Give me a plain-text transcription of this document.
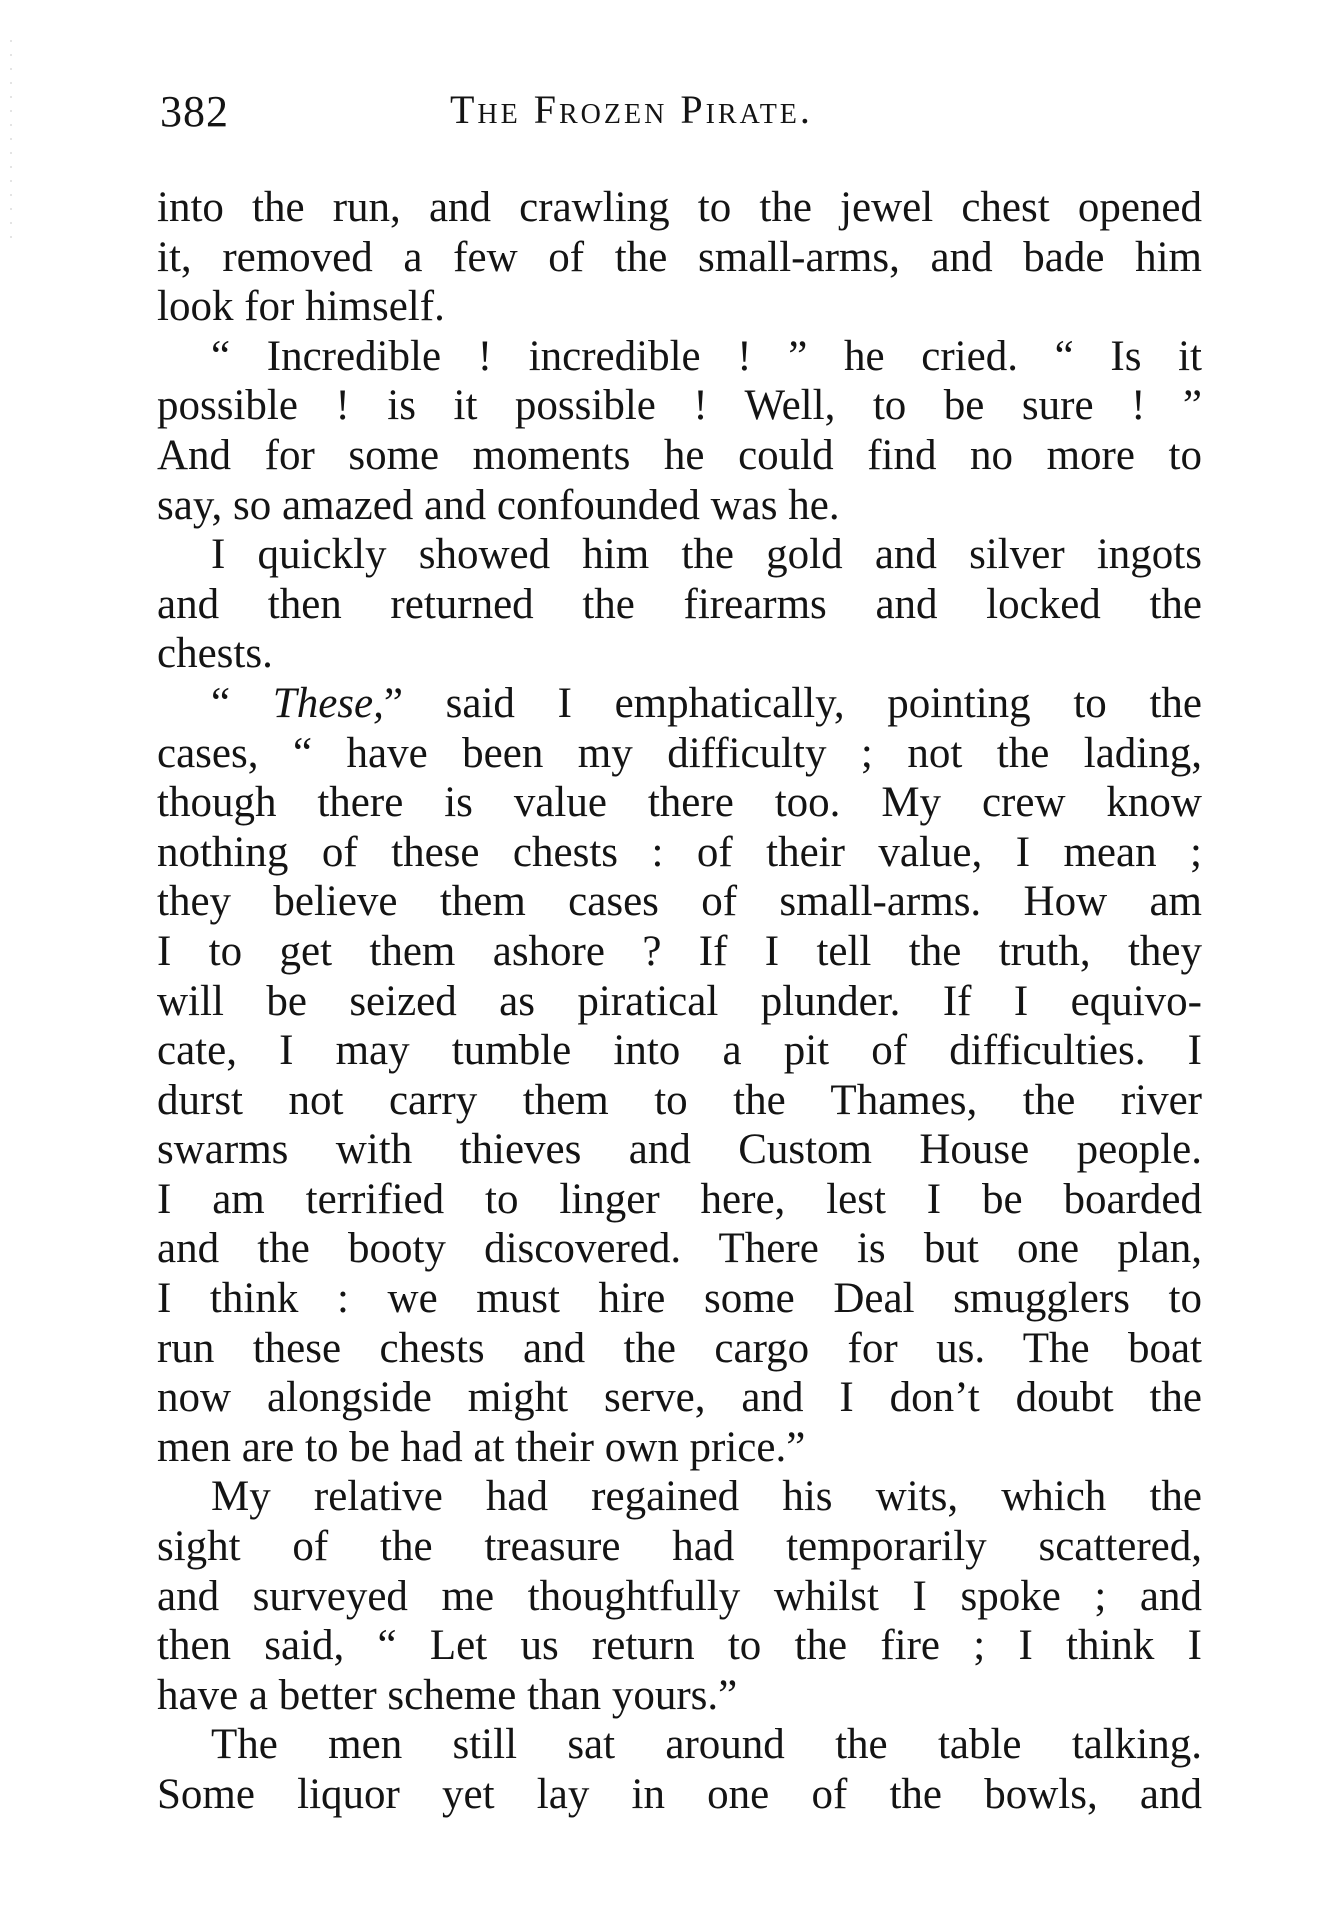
382	The Frozen Pirate.
into the run, and crawling to the jewel chest opened
it, removed a few of the small-arms, and bade him
look for himself.
“ Incredible ! incredible ! ” he cried. “ Is it
possible ! is it possible ! Well, to be sure ! ”
And for some moments he could find no more to
say, so amazed and confounded was he.
I quickly showed him the gold and silver ingots
and then returned the firearms and locked the
chests.
“ These,” said I emphatically, pointing to the
cases, “ have been my difficulty ; not the lading,
though there is value there too. My crew know
nothing of these chests : of their value, I mean ;
they believe them cases of small-arms. How am
I to get them ashore ? If I tell the truth, they
will be seized as piratical plunder. If I equivo-
cate, I may tumble into a pit of difficulties. I
durst not carry them to the Thames, the river
swarms with thieves and Custom House people.
I am terrified to linger here, lest I be boarded
and the booty discovered. There is but one plan,
I think : we must hire some Deal smugglers to
run these chests and the cargo for us. The boat
now alongside might serve, and I don’t doubt the
men are to be had at their own price.”
My relative had regained his wits, which the
sight of the treasure had temporarily scattered,
and surveyed me thoughtfully whilst I spoke ; and
then said, “ Let us return to the fire ; I think I
have a better scheme than yours.”
The men still sat around the table talking.
Some liquor yet lay in one of the bowls, and
